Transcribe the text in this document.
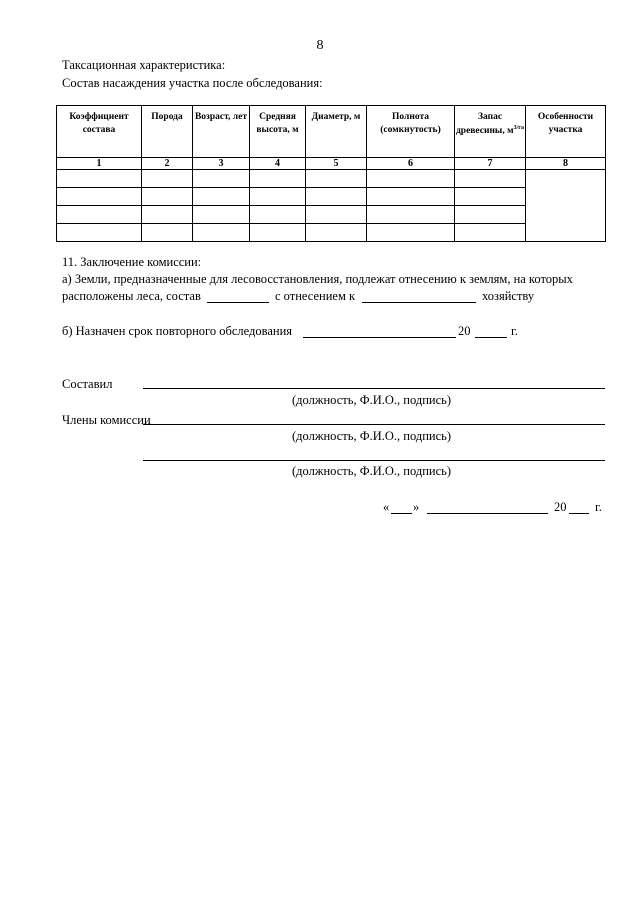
8
Таксационная характеристика:
Состав насаждения участка после обследования:
Коэффициент состава	Порода	Возраст, лет	Средняя высота, м	Диаметр, м	Полнота (сомкнутость)	Запас древесины, $м^{3/га}$	Особенности участка
1	2	3	4	5	6	7	8

11. Заключение комиссии:
а) Земли, предназначенные для лесовосстановления, подлежат отнесению к землям, на которых
расположены леса, состав	с отнесением к	хозяйству
б) Назначен срок повторного обследования	20	г.
Составил
(должность, Ф.И.О., подпись)
Члены комиссии
(должность, Ф.И.О., подпись)
(должность, Ф.И.О., подпись)
« »	20 г.
